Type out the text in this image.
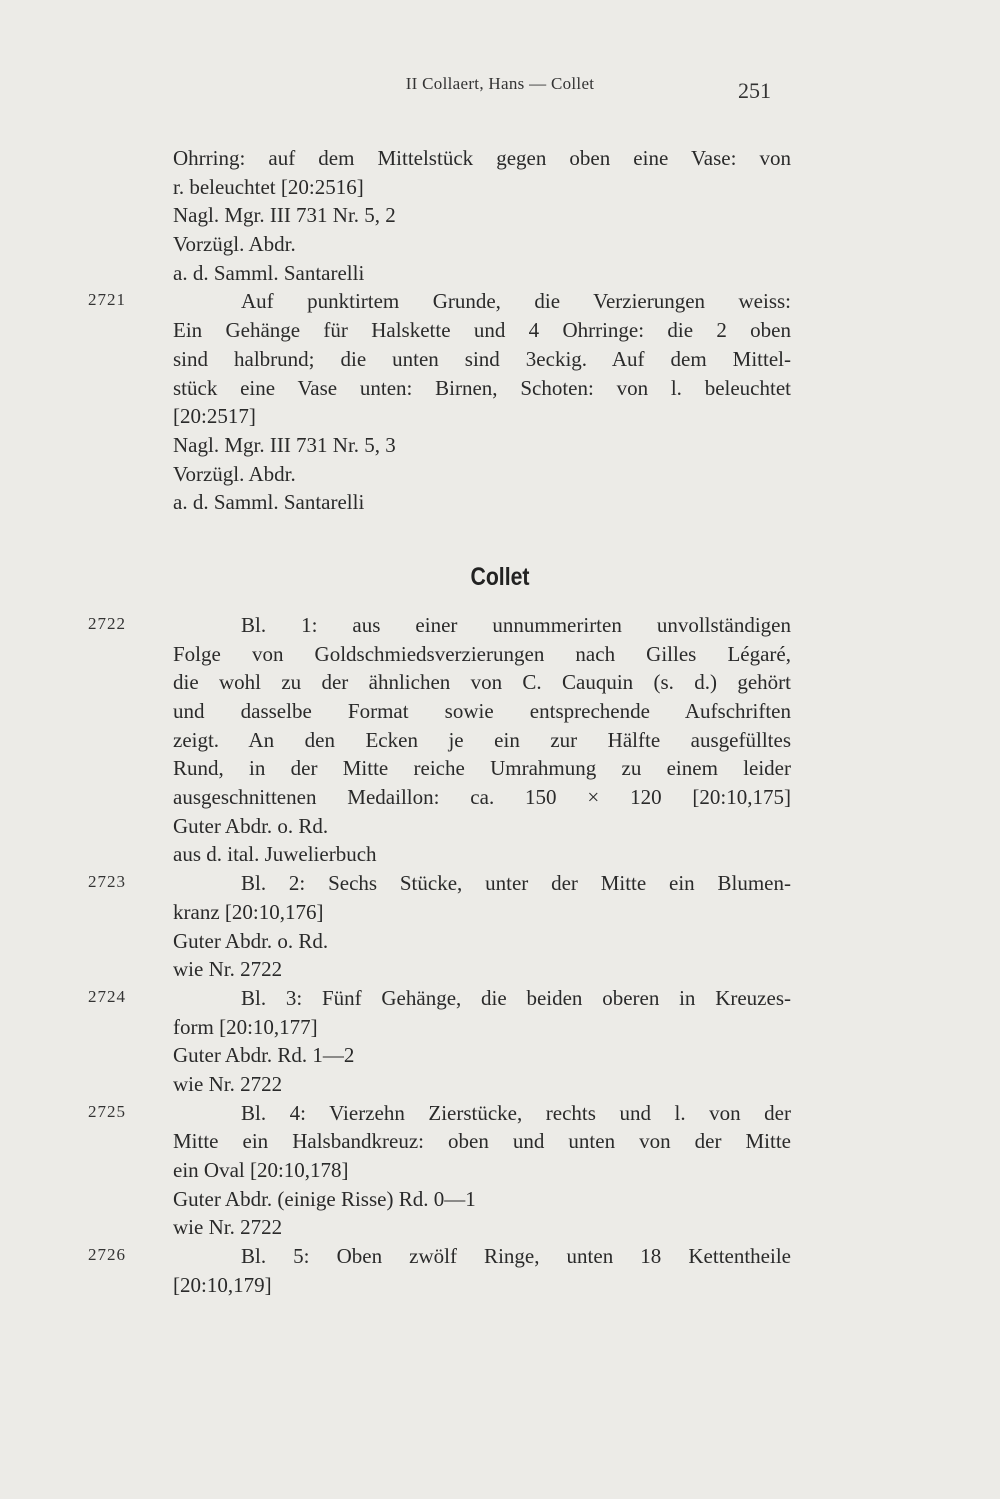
II Collaert, Hans — Collet	251
Ohrring: auf dem Mittelstück gegen oben eine Vase: von
r. beleuchtet [20:2516]
Nagl. Mgr. III 731 Nr. 5, 2
Vorzügl. Abdr.
a. d. Samml. Santarelli
2721	Auf punktirtem Grunde, die Verzierungen weiss:
Ein Gehänge für Halskette und 4 Ohrringe: die 2 oben
sind halbrund; die unten sind 3eckig. Auf dem Mittel-
stück eine Vase unten: Birnen, Schoten: von l. beleuchtet
[20:2517]
Nagl. Mgr. III 731 Nr. 5, 3
Vorzügl. Abdr.
a. d. Samml. Santarelli
Collet
2722	Bl. 1: aus einer unnummerirten unvollständigen
Folge von Goldschmiedsverzierungen nach Gilles Légaré,
die wohl zu der ähnlichen von C. Cauquin (s. d.) gehört
und dasselbe Format sowie entsprechende Aufschriften
zeigt. An den Ecken je ein zur Hälfte ausgefülltes
Rund, in der Mitte reiche Umrahmung zu einem leider
ausgeschnittenen Medaillon: ca. 150 × 120 [20:10,175]
Guter Abdr. o. Rd.
aus d. ital. Juwelierbuch
2723	Bl. 2: Sechs Stücke, unter der Mitte ein Blumen-
kranz [20:10,176]
Guter Abdr. o. Rd.
wie Nr. 2722
2724	Bl. 3: Fünf Gehänge, die beiden oberen in Kreuzes-
form [20:10,177]
Guter Abdr. Rd. 1—2
wie Nr. 2722
2725	Bl. 4: Vierzehn Zierstücke, rechts und l. von der
Mitte ein Halsbandkreuz: oben und unten von der Mitte
ein Oval [20:10,178]
Guter Abdr. (einige Risse) Rd. 0—1
wie Nr. 2722
2726	Bl. 5: Oben zwölf Ringe, unten 18 Kettentheile
[20:10,179]
